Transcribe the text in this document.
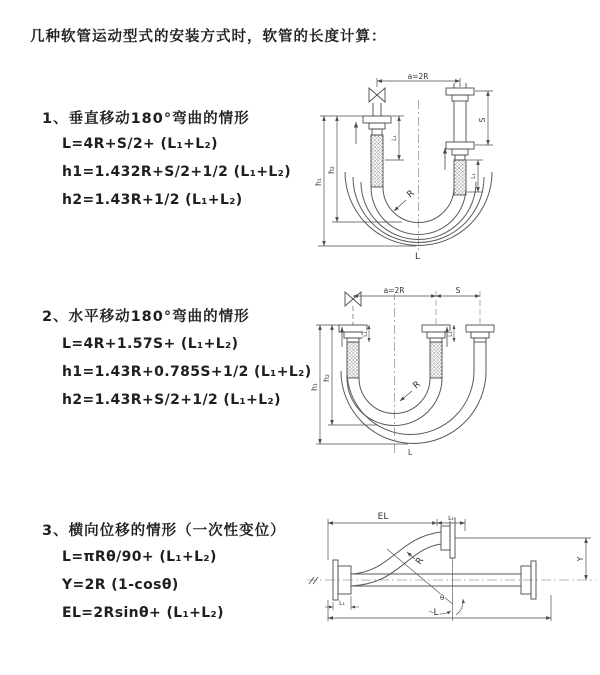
几种软管运动型式的安装方式时，软管的长度计算：
1、垂直移动180°弯曲的情形
L=4R+S/2+ (L₁+L₂)
h1=1.432R+S/2+1/2 (L₁+L₂)
h2=1.43R+1/2 (L₁+L₂)
a=2R
S
L₁
L₁
h₁
h₂
R
L
2、水平移动180°弯曲的情形
L=4R+1.57S+ (L₁+L₂)
h1=1.43R+0.785S+1/2 (L₁+L₂)
h2=1.43R+S/2+1/2 (L₁+L₂)
a=2R	S
h₁
h₂
L₁	L₁
R
L
3、横向位移的情形（一次性变位）
L=πRθ/90+ (L₁+L₂)
Y=2R (1-cosθ)
EL=2Rsinθ+ (L₁+L₂)
θ
EL	L₁
Y
R
L₁
L
